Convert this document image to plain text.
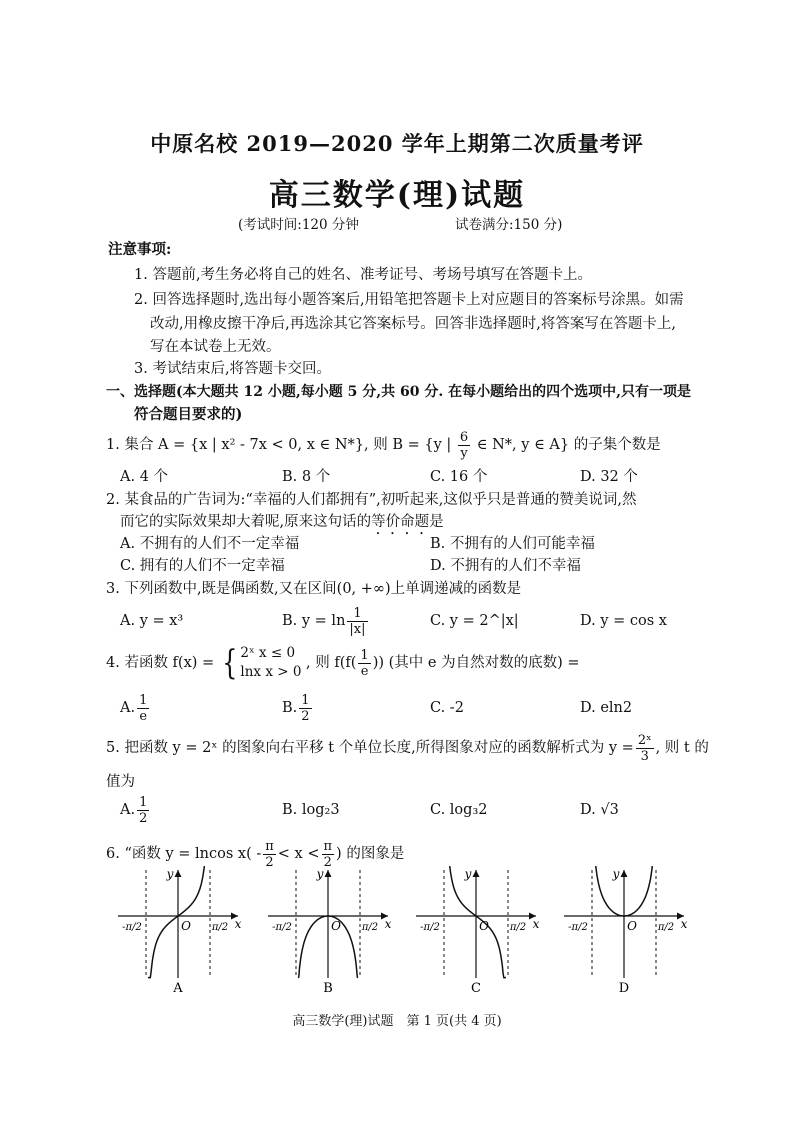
中原名校 2019—2020 学年上期第二次质量考评
高三数学(理)试题
(考试时间:120 分钟	试卷满分:150 分)
注意事项:
1. 答题前,考生务必将自己的姓名、准考证号、考场号填写在答题卡上。
2. 回答选择题时,选出每小题答案后,用铅笔把答题卡上对应题目的答案标号涂黑。如需
改动,用橡皮擦干净后,再选涂其它答案标号。回答非选择题时,将答案写在答题卡上,
写在本试卷上无效。
3. 考试结束后,将答题卡交回。
一、选择题(本大题共 12 小题,每小题 5 分,共 60 分. 在每小题给出的四个选项中,只有一项是
符合题目要求的)
1. 集合 A = {x | x² - 7x < 0, x ∈ N*}, 则 B = {y | $\frac{6}{y}$ ∈ N*, y ∈ A} 的子集个数是
A. 4 个	B. 8 个	C. 16 个	D. 32 个
2. 某食品的广告词为:“幸福的人们都拥有”,初听起来,这似乎只是普通的赞美说词,然
而它的实际效果却大着呢,原来这句话的等价命题是
A. 不拥有的人们不一定幸福	B. 不拥有的人们可能幸福
C. 拥有的人们不一定幸福	D. 不拥有的人们不幸福
3. 下列函数中,既是偶函数,又在区间(0, +∞)上单调递减的函数是
A. y = x³	B. $y = \ln \frac{1}{|x|}$	C. y = 2^|x|	D. y = cos x
4. 若函数 f(x) = { 2ˣ x ≤ 0
lnx x > 0
, 则 $f(f( \frac{1}{e}$ )) (其中 e 为自然对数的底数) =
A. $\frac{1}{e}$	B. $\frac{1}{2}$	C. -2	D. eln2
5. 把函数 y = 2ˣ 的图象向右平移 t 个单位长度,所得图象对应的函数解析式为 $y = \frac{\text{2ˣ}}{3}$ , 则 t 的
值为
A. $\frac{1}{2}$	B. log₂3	C. log₃2	D. √3
6. “函数 y = lncos $x( - \frac{\pi}{2} < x < \frac{\pi}{2}$ ) 的图象是
y
x
O
-π/2	π/2
A
y
x
O
-π/2	π/2
B
y
x
O
-π/2	π/2
C
y
x
O
-π/2	π/2
D
高三数学(理)试题　第 1 页(共 4 页)
